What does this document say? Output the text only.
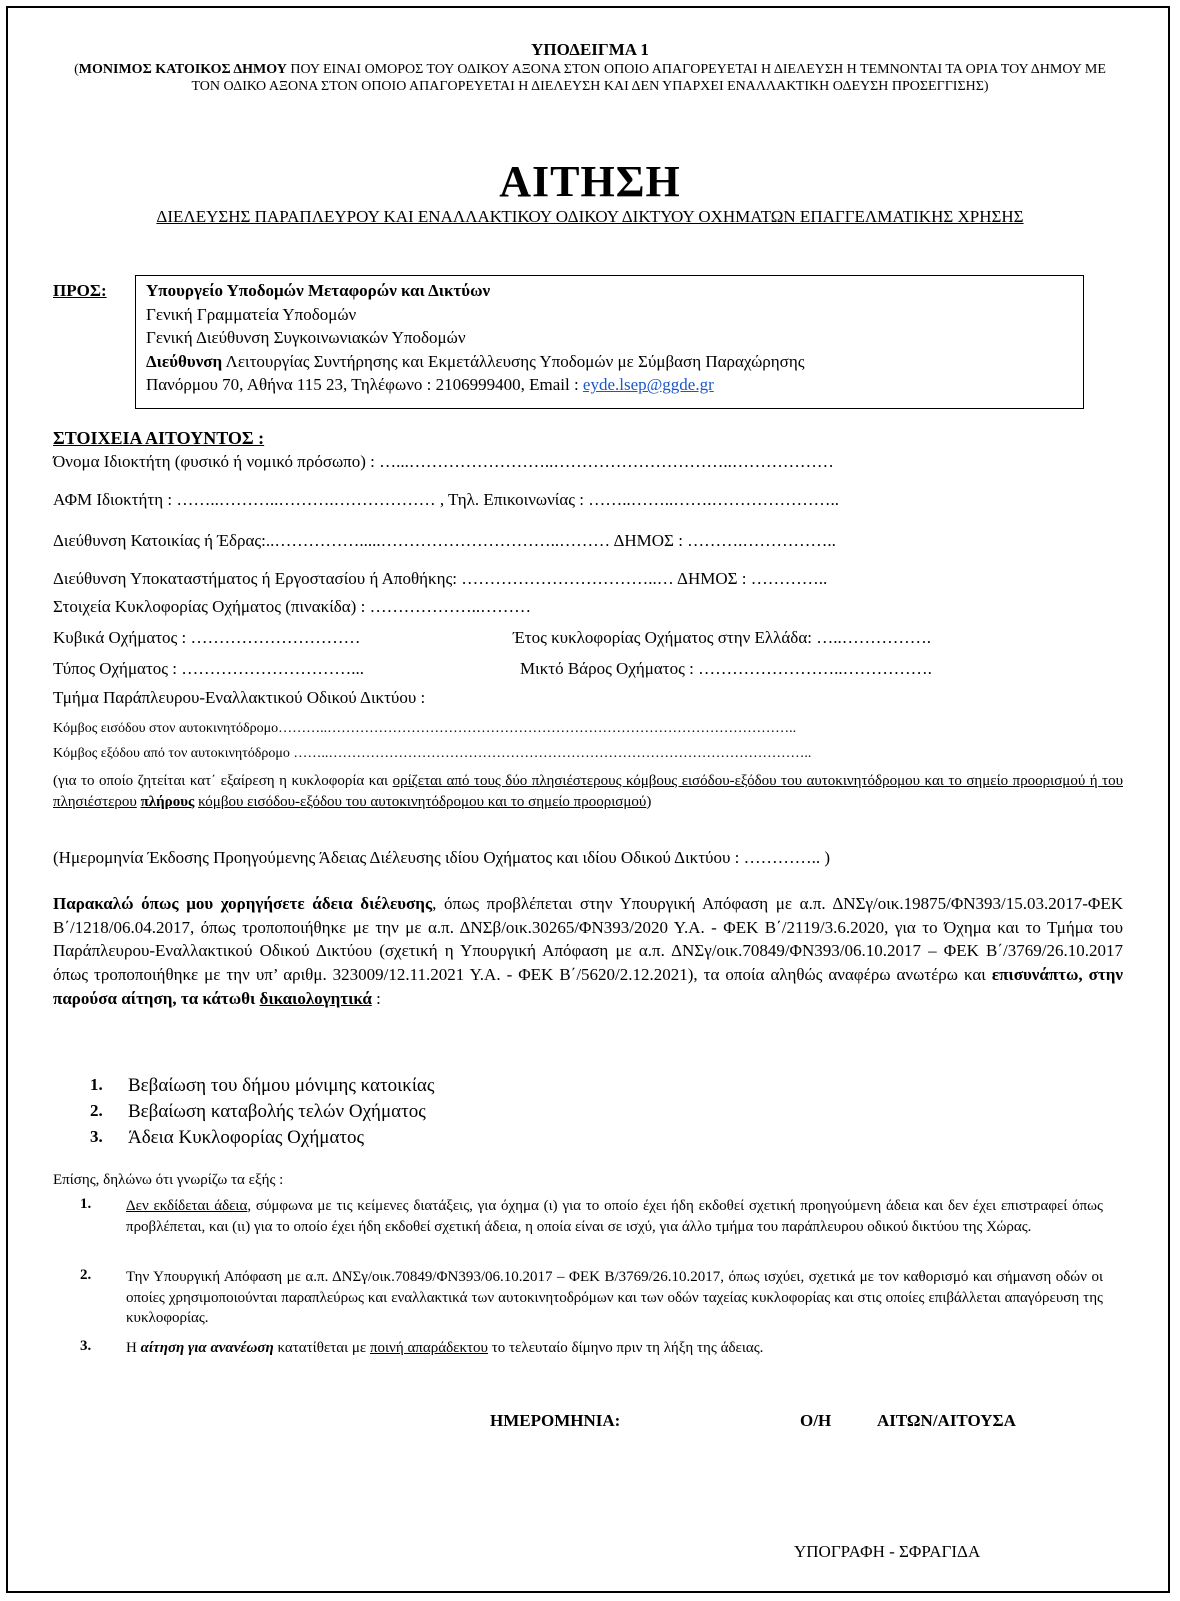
ΥΠΟΔΕΙΓΜΑ 1
(ΜΟΝΙΜΟΣ ΚΑΤΟΙΚΟΣ ΔΗΜΟΥ ΠΟΥ ΕΙΝΑΙ ΟΜΟΡΟΣ ΤΟΥ ΟΔΙΚΟΥ ΑΞΟΝΑ ΣΤΟΝ ΟΠΟΙΟ ΑΠΑΓΟΡΕΥΕΤΑΙ Η ΔΙΕΛΕΥΣΗ Η ΤΕΜΝΟΝΤΑΙ ΤΑ ΟΡΙΑ ΤΟΥ ΔΗΜΟΥ ΜΕ ΤΟΝ ΟΔΙΚΟ ΑΞΟΝΑ ΣΤΟΝ ΟΠΟΙΟ ΑΠΑΓΟΡΕΥΕΤΑΙ Η ΔΙΕΛΕΥΣΗ ΚΑΙ ΔΕΝ ΥΠΑΡΧΕΙ ΕΝΑΛΛΑΚΤΙΚΗ ΟΔΕΥΣΗ ΠΡΟΣΕΓΓΙΣΗΣ)
ΑΙΤΗΣΗ
ΔΙΕΛΕΥΣΗΣ ΠΑΡΑΠΛΕΥΡΟΥ ΚΑΙ ΕΝΑΛΛΑΚΤΙΚΟΥ ΟΔΙΚΟΥ ΔΙΚΤΥΟΥ ΟΧΗΜΑΤΩΝ ΕΠΑΓΓΕΛΜΑΤΙΚΗΣ ΧΡΗΣΗΣ
ΠΡΟΣ: Υπουργείο Υποδομών Μεταφορών και Δικτύων
Γενική Γραμματεία Υποδομών
Γενική Διεύθυνση Συγκοινωνιακών Υποδομών
Διεύθυνση Λειτουργίας Συντήρησης και Εκμετάλλευσης Υποδομών με Σύμβαση Παραχώρησης
Πανόρμου 70, Αθήνα 115 23, Τηλέφωνο : 2106999400, Email : eyde.lsep@ggde.gr
ΣΤΟΙΧΕΙΑ ΑΙΤΟΥΝΤΟΣ :
Όνομα Ιδιοκτήτη (φυσικό ή νομικό πρόσωπο) : …...……………………..…………………………..………………
ΑΦΜ Ιδιοκτήτη : ……..………..……….……………… , Τηλ. Επικοινωνίας : ……..……..…….…………………..
Διεύθυνση Κατοικίας ή Έδρας:..…………….....…………………………..……… ΔΗΜΟΣ : ……….……………..
Διεύθυνση Υποκαταστήματος ή Εργοστασίου ή Αποθήκης: ……………………………..… ΔΗΜΟΣ : …………..
Στοιχεία Κυκλοφορίας Οχήματος (πινακίδα) : ………………..………
Κυβικά Οχήματος : …………………………	Έτος κυκλοφορίας Οχήματος στην Ελλάδα: …..…………….
Τύπος Οχήματος : …………………………...	Μικτό Βάρος Οχήματος : ……………………..…………….
Τμήμα Παράπλευρου-Εναλλακτικού Οδικού Δικτύου :
Κόμβος εισόδου στον αυτοκινητόδρομο………..………………………………………………………………………………………..
Κόμβος εξόδου από τον αυτοκινητόδρομο ……..…………………………………………………………………………………………..
(για το οποίο ζητείται κατ΄ εξαίρεση η κυκλοφορία και ορίζεται από τους δύο πλησιέστερους κόμβους εισόδου-εξόδου του αυτοκινητόδρομου και το σημείο προορισμού ή του πλησιέστερου πλήρους κόμβου εισόδου-εξόδου του αυτοκινητόδρομου και το σημείο προορισμού)
(Ημερομηνία Έκδοσης Προηγούμενης Άδειας Διέλευσης ιδίου Οχήματος και ιδίου Οδικού Δικτύου : ………….. )
Παρακαλώ όπως μου χορηγήσετε άδεια διέλευσης, όπως προβλέπεται στην Υπουργική Απόφαση με α.π. ΔΝΣγ/οικ.19875/ΦΝ393/15.03.2017-ΦΕΚ Β΄/1218/06.04.2017, όπως τροποποιήθηκε με την με α.π. ΔΝΣβ/οικ.30265/ΦΝ393/2020 Υ.Α. - ΦΕΚ Β΄/2119/3.6.2020, για το Όχημα και το Τμήμα του Παράπλευρου-Εναλλακτικού Οδικού Δικτύου (σχετική η Υπουργική Απόφαση με α.π. ΔΝΣγ/οικ.70849/ΦΝ393/06.10.2017 – ΦΕΚ Β΄/3769/26.10.2017 όπως τροποποιήθηκε με την υπ’ αριθμ. 323009/12.11.2021 Υ.Α. - ΦΕΚ Β΄/5620/2.12.2021), τα οποία αληθώς αναφέρω ανωτέρω και επισυνάπτω, στην παρούσα αίτηση, τα κάτωθι δικαιολογητικά :
1. Βεβαίωση του δήμου μόνιμης κατοικίας
2. Βεβαίωση καταβολής τελών Οχήματος
3. Άδεια Κυκλοφορίας Οχήματος
Επίσης, δηλώνω ότι γνωρίζω τα εξής :
1. Δεν εκδίδεται άδεια, σύμφωνα με τις κείμενες διατάξεις, για όχημα (ι) για το οποίο έχει ήδη εκδοθεί σχετική προηγούμενη άδεια και δεν έχει επιστραφεί όπως προβλέπεται, και (ιι) για το οποίο έχει ήδη εκδοθεί σχετική άδεια, η οποία είναι σε ισχύ, για άλλο τμήμα του παράπλευρου οδικού δικτύου της Χώρας.
2. Την Υπουργική Απόφαση με α.π. ΔΝΣγ/οικ.70849/ΦΝ393/06.10.2017 – ΦΕΚ Β/3769/26.10.2017, όπως ισχύει, σχετικά με τον καθορισμό και σήμανση οδών οι οποίες χρησιμοποιούνται παραπλεύρως και εναλλακτικά των αυτοκινητοδρόμων και των οδών ταχείας κυκλοφορίας και στις οποίες επιβάλλεται απαγόρευση της κυκλοφορίας.
3. Η αίτηση για ανανέωση κατατίθεται με ποινή απαράδεκτου το τελευταίο δίμηνο πριν τη λήξη της άδειας.
ΗΜΕΡΟΜΗΝΙΑ:	Ο/Η	ΑΙΤΩΝ/ΑΙΤΟΥΣΑ
ΥΠΟΓΡΑΦΗ - ΣΦΡΑΓΙΔΑ
